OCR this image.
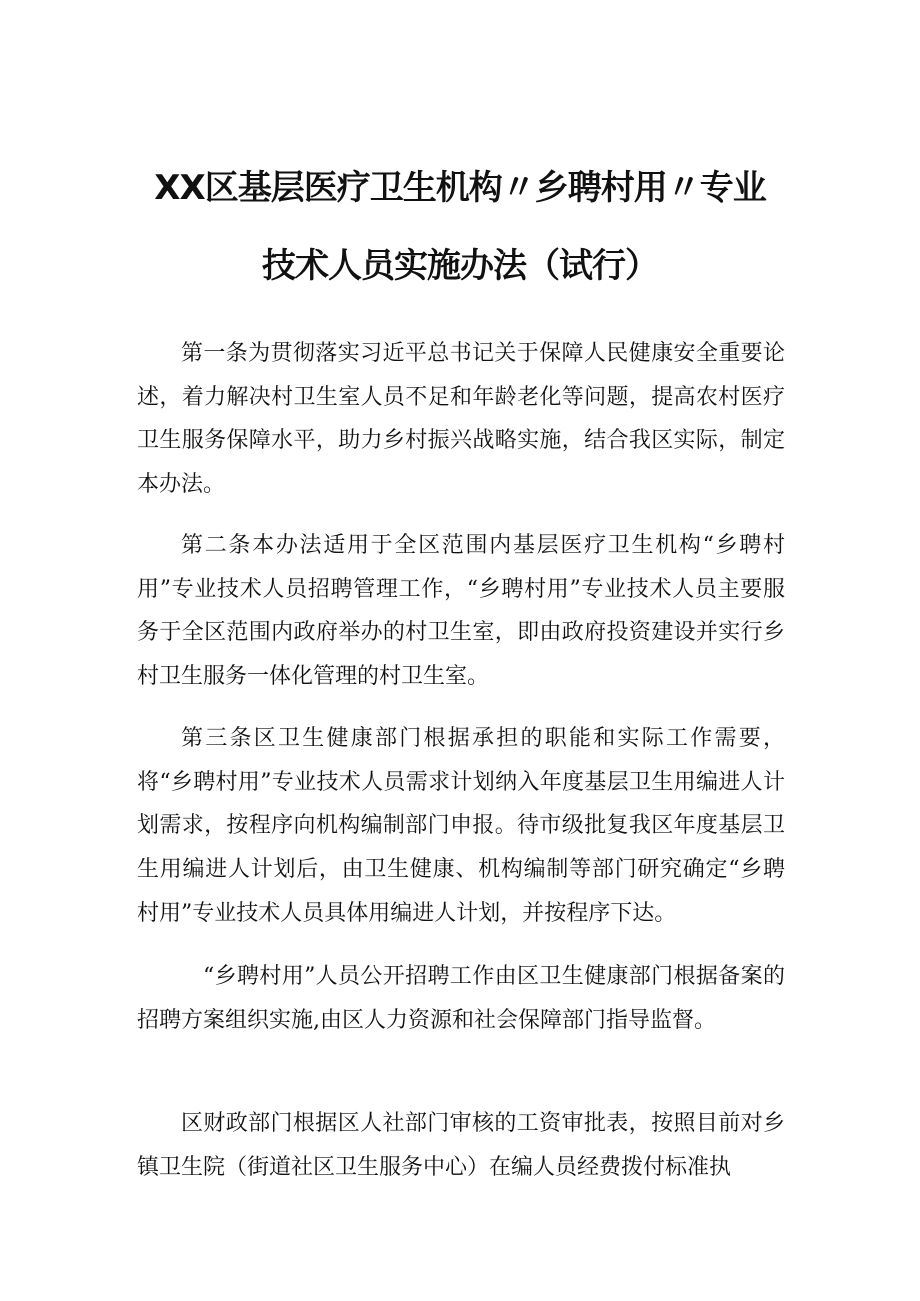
XX区基层医疗卫生机构〃乡聘村用〃专业
技术人员实施办法（试行）

第一条为贯彻落实习近平总书记关于保障人民健康安全重要论述，着力解决村卫生室人员不足和年龄老化等问题，提高农村医疗卫生服务保障水平，助力乡村振兴战略实施，结合我区实际，制定本办法。

第二条本办法适用于全区范围内基层医疗卫生机构“乡聘村用”专业技术人员招聘管理工作，“乡聘村用”专业技术人员主要服务于全区范围内政府举办的村卫生室，即由政府投资建设并实行乡村卫生服务一体化管理的村卫生室。

第三条区卫生健康部门根据承担的职能和实际工作需要，将“乡聘村用”专业技术人员需求计划纳入年度基层卫生用编进人计划需求，按程序向机构编制部门申报。待市级批复我区年度基层卫生用编进人计划后，由卫生健康、机构编制等部门研究确定“乡聘村用”专业技术人员具体用编进人计划，并按程序下达。

“乡聘村用”人员公开招聘工作由区卫生健康部门根据备案的招聘方案组织实施,由区人力资源和社会保障部门指导监督。

区财政部门根据区人社部门审核的工资审批表，按照目前对乡镇卫生院（街道社区卫生服务中心）在编人员经费拨付标准执
